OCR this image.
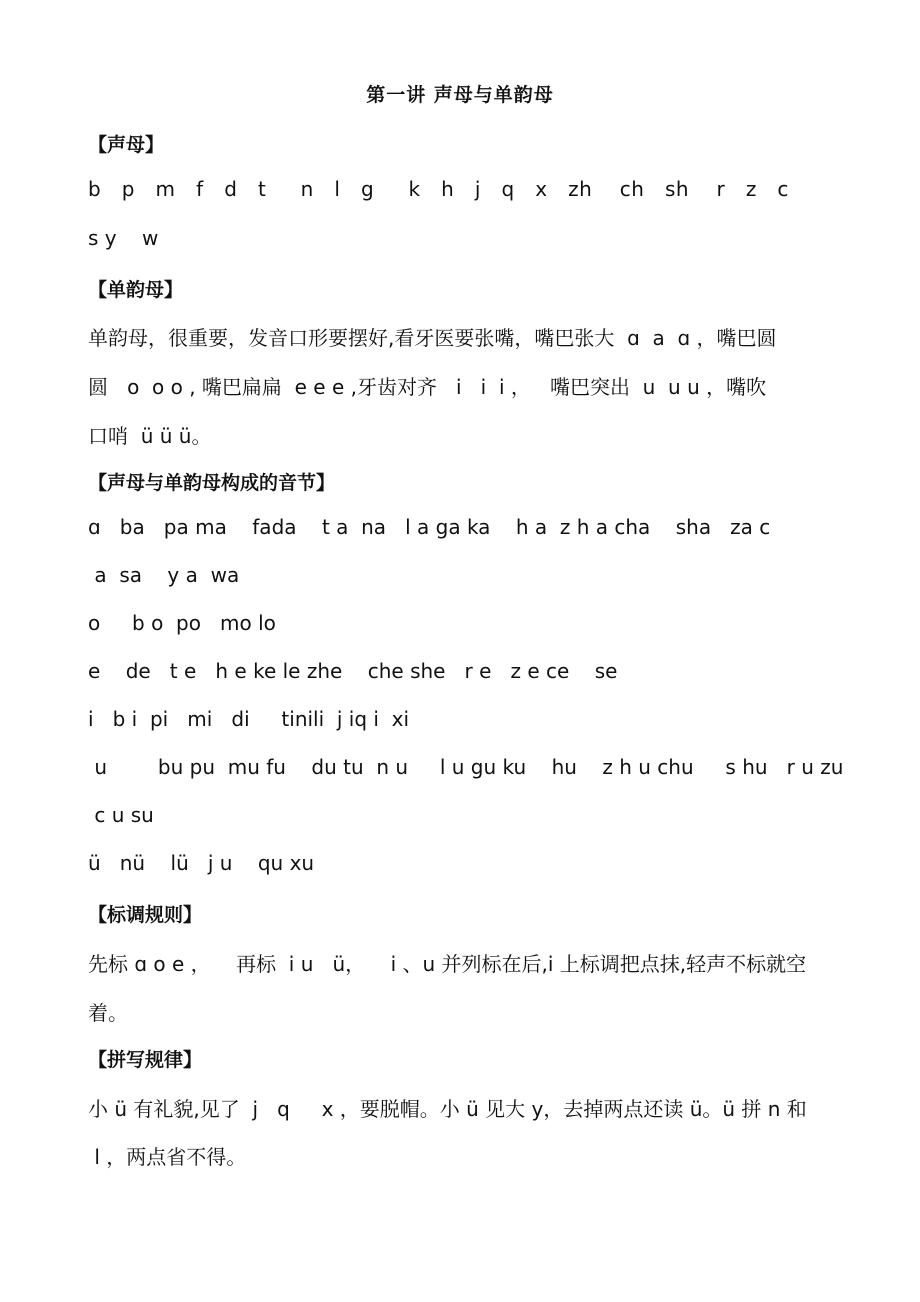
第一讲 声母与单韵母
【声母】
b   p   m   f   d   t     n   l   g     k   h   j   q   x   zh    ch   sh    r   z   c
s y    w
【单韵母】
单韵母，很重要，发音口形要摆好,看牙医要张嘴，嘴巴张大  ɑ  a  ɑ ，嘴巴圆
圆   o  o o , 嘴巴扁扁  e e e ,牙齿对齐   i   i  i ，   嘴巴突出  u  u u ，嘴吹
口哨  ü ü ü。
【声母与单韵母构成的音节】
ɑ   ba   pa ma    fada    t a  na   l a ga ka    h a  z h a cha    sha   za c
a  sa    y a  wa
o     b o  po   mo lo
e    de   t e   h e ke le zhe    che she   r e   z e ce    se
i   b i  pi   mi   di     tinili  j iq i  xi
u        bu pu  mu fu    du tu  n u     l u gu ku    hu    z h u chu     s hu   r u zu
c u su
ü   nü    lü   j u    qu xu
【标调规则】
先标 ɑ o e ，    再标  i u   ü，    i 、u 并列标在后,i 上标调把点抹,轻声不标就空
着。
【拼写规律】
小 ü 有礼貌,见了  j   q     x ，要脱帽。小 ü 见大 y，去掉两点还读 ü。ü 拼 n 和
l ，两点省不得。
